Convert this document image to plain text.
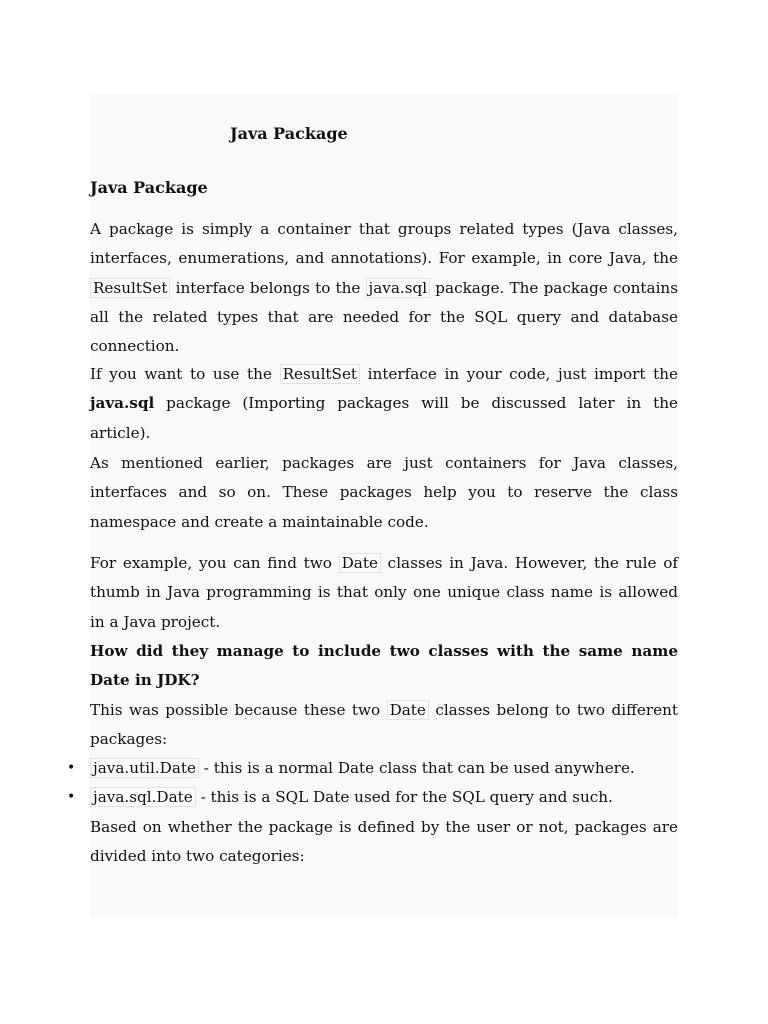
Java Package
Java Package

A package is simply a container that groups related types (Java classes, interfaces, enumerations, and annotations). For example, in core Java, the ResultSet interface belongs to the java.sql package. The package contains all the related types that are needed for the SQL query and database connection.

If you want to use the ResultSet interface in your code, just import the java.sql package (Importing packages will be discussed later in the article).

As mentioned earlier, packages are just containers for Java classes, interfaces and so on. These packages help you to reserve the class namespace and create a maintainable code.

For example, you can find two Date classes in Java. However, the rule of thumb in Java programming is that only one unique class name is allowed in a Java project.

How did they manage to include two classes with the same name Date in JDK?

This was possible because these two Date classes belong to two different packages:

• java.util.Date - this is a normal Date class that can be used anywhere.

• java.sql.Date - this is a SQL Date used for the SQL query and such.

Based on whether the package is defined by the user or not, packages are divided into two categories:
